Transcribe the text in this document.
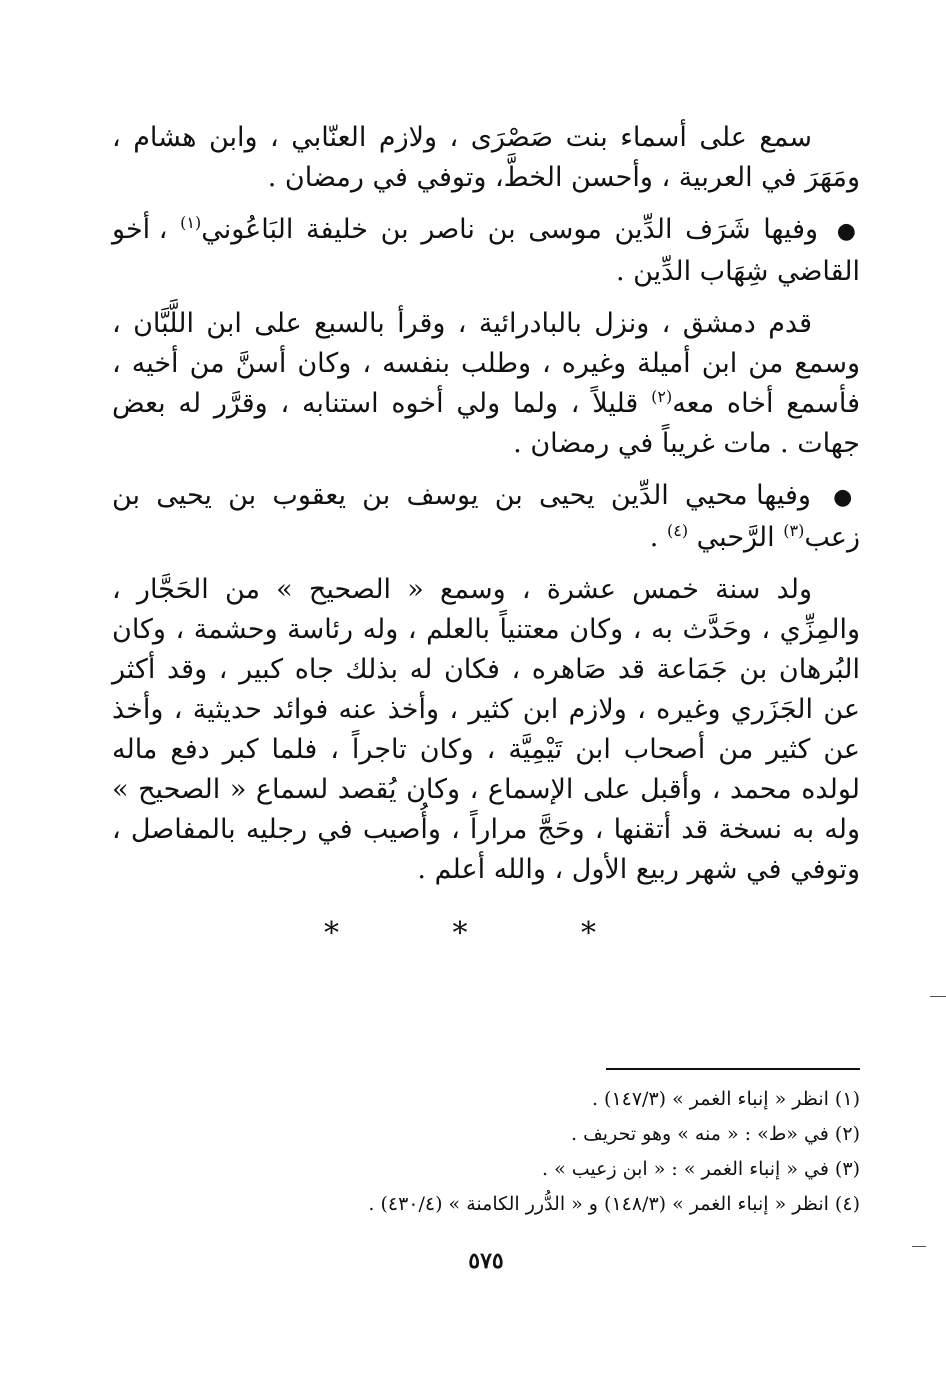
سمع على أسماء بنت صَصْرَى ، ولازم العنّابي ، وابن هشام ، ومَهَرَ في العربية ، وأحسن الخطَّ، وتوفي في رمضان .

● وفيها شَرَف الدِّين موسى بن ناصر بن خليفة البَاعُوني$^{(١)}$ ، أخو القاضي شِهَاب الدِّين .

قدم دمشق ، ونزل بالبادرائية ، وقرأ بالسبع على ابن اللَّبَّان ، وسمع من ابن أميلة وغيره ، وطلب بنفسه ، وكان أسنَّ من أخيه ، فأسمع أخاه معه$^{(٢)}$ قليلاً ، ولما ولي أخوه استنابه ، وقرَّر له بعض جهات . مات غريباً في رمضان .

● وفيها محيي الدِّين يحيى بن يوسف بن يعقوب بن يحيى بن زعب$^{(٣)}$ الرَّحبي $^{(٤)}$ .

ولد سنة خمس عشرة ، وسمع « الصحيح » من الحَجَّار ، والمِزِّي ، وحَدَّث به ، وكان معتنياً بالعلم ، وله رئاسة وحشمة ، وكان البُرهان بن جَمَاعة قد صَاهره ، فكان له بذلك جاه كبير ، وقد أكثر عن الجَزَري وغيره ، ولازم ابن كثير ، وأخذ عنه فوائد حديثية ، وأخذ عن كثير من أصحاب ابن تَيْمِيَّة ، وكان تاجراً ، فلما كبر دفع ماله لولده محمد ، وأقبل على الإسماع ، وكان يُقصد لسماع « الصحيح » وله به نسخة قد أتقنها ، وحَجَّ مراراً ، وأُصيب في رجليه بالمفاصل ، وتوفي في شهر ربيع الأول ، والله أعلم .

* * *

(١) انظر « إنباء الغمر » (١٤٧/٣) .

(٢) في «ط» : « منه » وهو تحريف .

(٣) في « إنباء الغمر » : « ابن زعيب » .

(٤) انظر « إنباء الغمر » (١٤٨/٣) و « الدُّرر الكامنة » (٤٣٠/٤) .

٥٧٥
